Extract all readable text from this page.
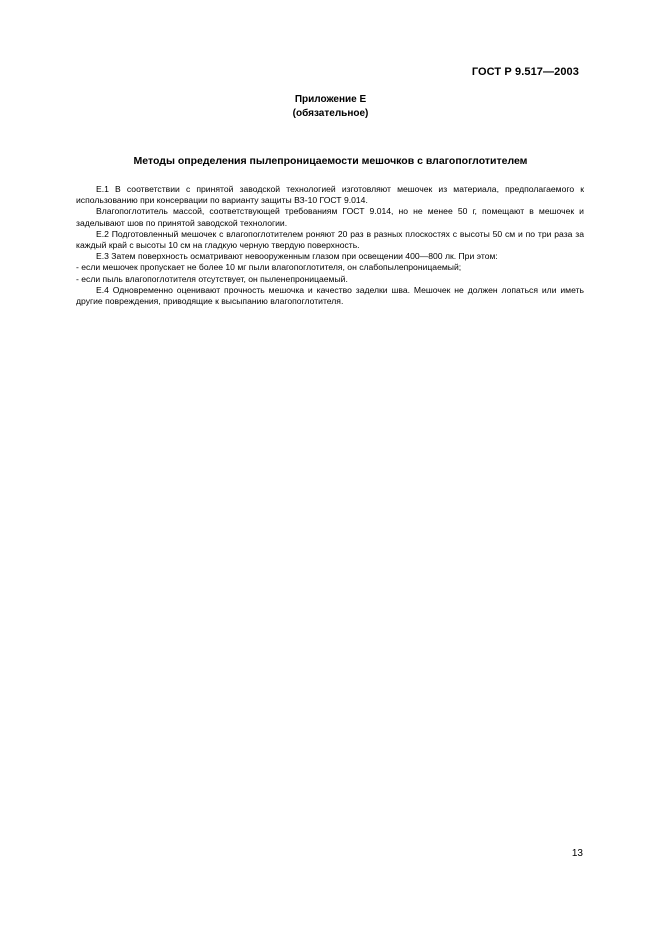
ГОСТ Р 9.517—2003
Приложение Е
(обязательное)
Методы определения пылепроницаемости мешочков с влагопоглотителем

Е.1 В соответствии с принятой заводской технологией изготовляют мешочек из материала, предполагаемого к использованию при консервации по варианту защиты ВЗ-10 ГОСТ 9.014.

Влагопоглотитель массой, соответствующей требованиям ГОСТ 9.014, но не менее 50 г, помещают в мешочек и заделывают шов по принятой заводской технологии.

Е.2 Подготовленный мешочек с влагопоглотителем роняют 20 раз в разных плоскостях с высоты 50 см и по три раза за каждый край с высоты 10 см на гладкую черную твердую поверхность.

Е.3 Затем поверхность осматривают невооруженным глазом при освещении 400—800 лк. При этом:

- если мешочек пропускает не более 10 мг пыли влагопоглотителя, он слабопылепроницаемый;

- если пыль влагопоглотителя отсутствует, он пыленепроницаемый.

Е.4 Одновременно оценивают прочность мешочка и качество заделки шва. Мешочек не должен лопаться или иметь другие повреждения, приводящие к высыпанию влагопоглотителя.

13
